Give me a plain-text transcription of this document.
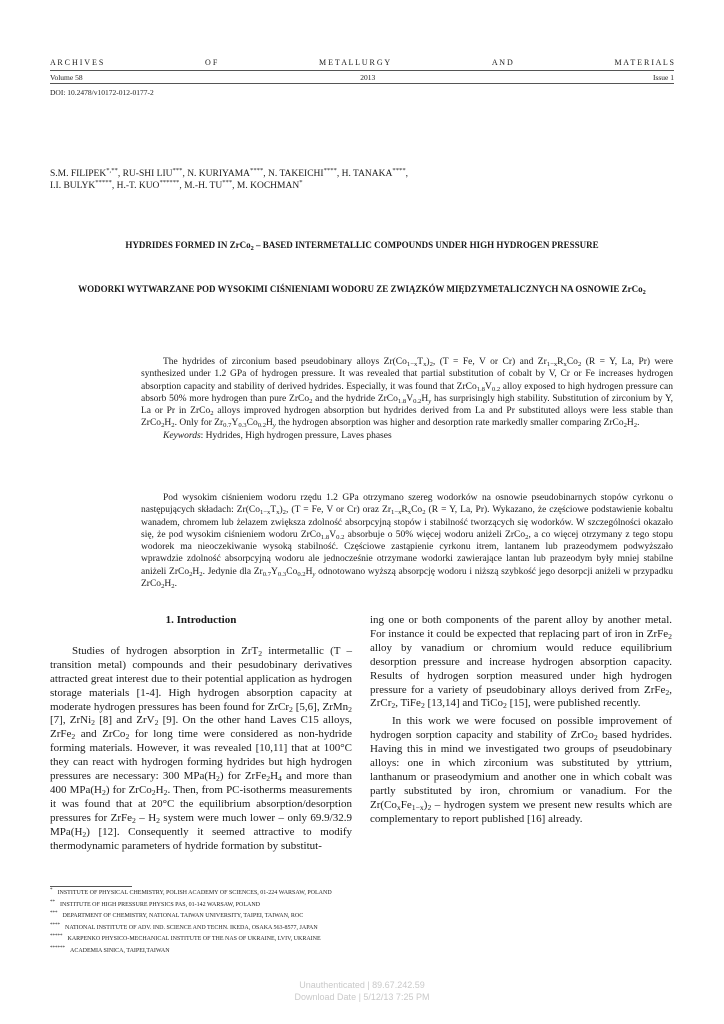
A R C H I V E S	O F	M E T A L L U R G Y	A N D	M A T E R I A L S
Volume 58	2013	Issue 1
DOI: 10.2478/v10172-012-0177-2
S.M. FILIPEK*,**, RU-SHI LIU***, N. KURIYAMA****, N. TAKEICHI****, H. TANAKA****,
I.I. BULYK*****, H.-T. KUO******, M.-H. TU***, M. KOCHMAN*
HYDRIDES FORMED IN ZrCo$_2$ – BASED INTERMETALLIC COMPOUNDS UNDER HIGH HYDROGEN PRESSURE
WODORKI WYTWARZANE POD WYSOKIMI CIŚNIENIAMI WODORU ZE ZWIĄZKÓW MIĘDZYMETALICZNYCH NA OSNOWIE ZrCo$_2$

The hydrides of zirconium based pseudobinary alloys $Zr(Co_{1-x}T_x)_2$, (T = Fe, V or Cr) and $Zr_{1-x}R_xCo_2$ (R = Y, La, Pr) were synthesized under 1.2 GPa of hydrogen pressure. It was revealed that partial substitution of cobalt by V, Cr or Fe increases hydrogen absorption capacity and stability of derived hydrides. Especially, it was found that $ZrCo_{1.8}V_{0.2}$ alloy exposed to high hydrogen pressure can absorb 50% more hydrogen than pure ZrCo$_2$ and the hydride $ZrCo_{1.8}V_{0.2}H_y$ has surprisingly high stability. Substitution of zirconium by Y, La or Pr in ZrCo$_2$ alloys improved hydrogen absorption but hydrides derived from La and Pr substituted alloys were less stable than $ZrCo_2H_2$. Only for $Zr_{0.7}Y_{0.3}Co_{0.2}H_y$ the hydrogen absorption was higher and desorption rate markedly smaller comparing $ZrCo_2H_2$.

Keywords: Hydrides, High hydrogen pressure, Laves phases

Pod wysokim ciśnieniem wodoru rzędu 1.2 GPa otrzymano szereg wodorków na osnowie pseudobinarnych stopów cyrkonu o następujących składach: $Zr(Co_{1-x}T_x)_2$, (T = Fe, V or Cr) oraz $Zr_{1-x}R_xCo_2$ (R = Y, La, Pr). Wykazano, że częściowe podstawienie kobaltu wanadem, chromem lub żelazem zwiększa zdolność absorpcyjną stopów i stabilność tworzących się wodorków. W szczególności okazało się, że pod wysokim ciśnieniem wodoru $ZrCo_{1.8}V_{0.2}$ absorbuje o 50% więcej wodoru aniżeli ZrCo$_2$, a co więcej otrzymany z tego stopu wodorek ma nieoczekiwanie wysoką stabilność. Częściowe zastąpienie cyrkonu itrem, lantanem lub prazeodymem podwyższało wprawdzie zdolność absorpcyjną wodoru ale jednocześnie otrzymane wodorki zawierające lantan lub prazeodym były mniej stabilne aniżeli $ZrCo_2H_2$. Jedynie dla $Zr_{0.7}Y_{0.3}Co_{0.2}H_y$ odnotowano wyższą absorpcję wodoru i niższą szybkość jego desorpcji aniżeli w przypadku $ZrCo_2H_2$.

1. Introduction

Studies of hydrogen absorption in ZrT$_2$ intermetallic (T – transition metal) compounds and their pesudobinary derivatives attracted great interest due to their potential application as hydrogen storage materials [1-4]. High hydrogen absorption capacity at moderate hydrogen pressures has been found for ZrCr$_2$ [5,6], ZrMn$_2$ [7], ZrNi$_2$ [8] and ZrV$_2$ [9]. On the other hand Laves C15 alloys, ZrFe$_2$ and ZrCo$_2$ for long time were considered as non-hydride forming materials. However, it was revealed [10,11] that at 100°C they can react with hydrogen forming hydrides but high hydrogen pressures are necessary: 300 $MPa(H_2)$ for $ZrFe_2H_4$ and more than 400 $MPa(H_2)$ for $ZrCo_2H_2$. Then, from PC-isotherms measurements it was found that at 20°C the equilibrium absorption/desorption pressures for ZrFe$_2$ – $H_2$ system were much lower – only 69.9/32.9 $MPa(H_2)$ [12]. Consequently it seemed attractive to modify thermodynamic parameters of hydride formation by substitut-

ing one or both components of the parent alloy by another metal. For instance it could be expected that replacing part of iron in ZrFe$_2$ alloy by vanadium or chromium would reduce equilibrium desorption pressure and increase hydrogen absorption capacity. Results of hydrogen sorption measured under high hydrogen pressure for a variety of pseudobinary alloys derived from ZrFe$_2$, ZrCr$_2$, TiFe$_2$ [13,14] and TiCo$_2$ [15], were published recently.

In this work we were focused on possible improvement of hydrogen sorption capacity and stability of ZrCo$_2$ based hydrides. Having this in mind we investigated two groups of pseudobinary alloys: one in which zirconium was substituted by yttrium, lanthanum or praseodymium and another one in which cobalt was partly substituted by iron, chromium or vanadium. For the $Zr(Co_xFe_{1-x})_2$ – hydrogen system we present new results which are complementary to report published [16] already.

* INSTITUTE OF PHYSICAL CHEMISTRY, POLISH ACADEMY OF SCIENCES, 01-224 WARSAW, POLAND
** INSTITUTE OF HIGH PRESSURE PHYSICS PAS, 01-142 WARSAW, POLAND
*** DEPARTMENT OF CHEMISTRY, NATIONAL TAIWAN UNIVERSITY, TAIPEI, TAIWAN, ROC
**** NATIONAL INSTITUTE OF ADV. IND. SCIENCE AND TECHN. IKEDA, OSAKA 563-8577, JAPAN
***** KARPENKO PHYSICO-MECHANICAL INSTITUTE OF THE NAS OF UKRAINE, LVIV, UKRAINE
****** ACADEMIA SINICA, TAIPEI,TAIWAN
Unauthenticated | 89.67.242.59
Download Date | 5/12/13 7:25 PM
